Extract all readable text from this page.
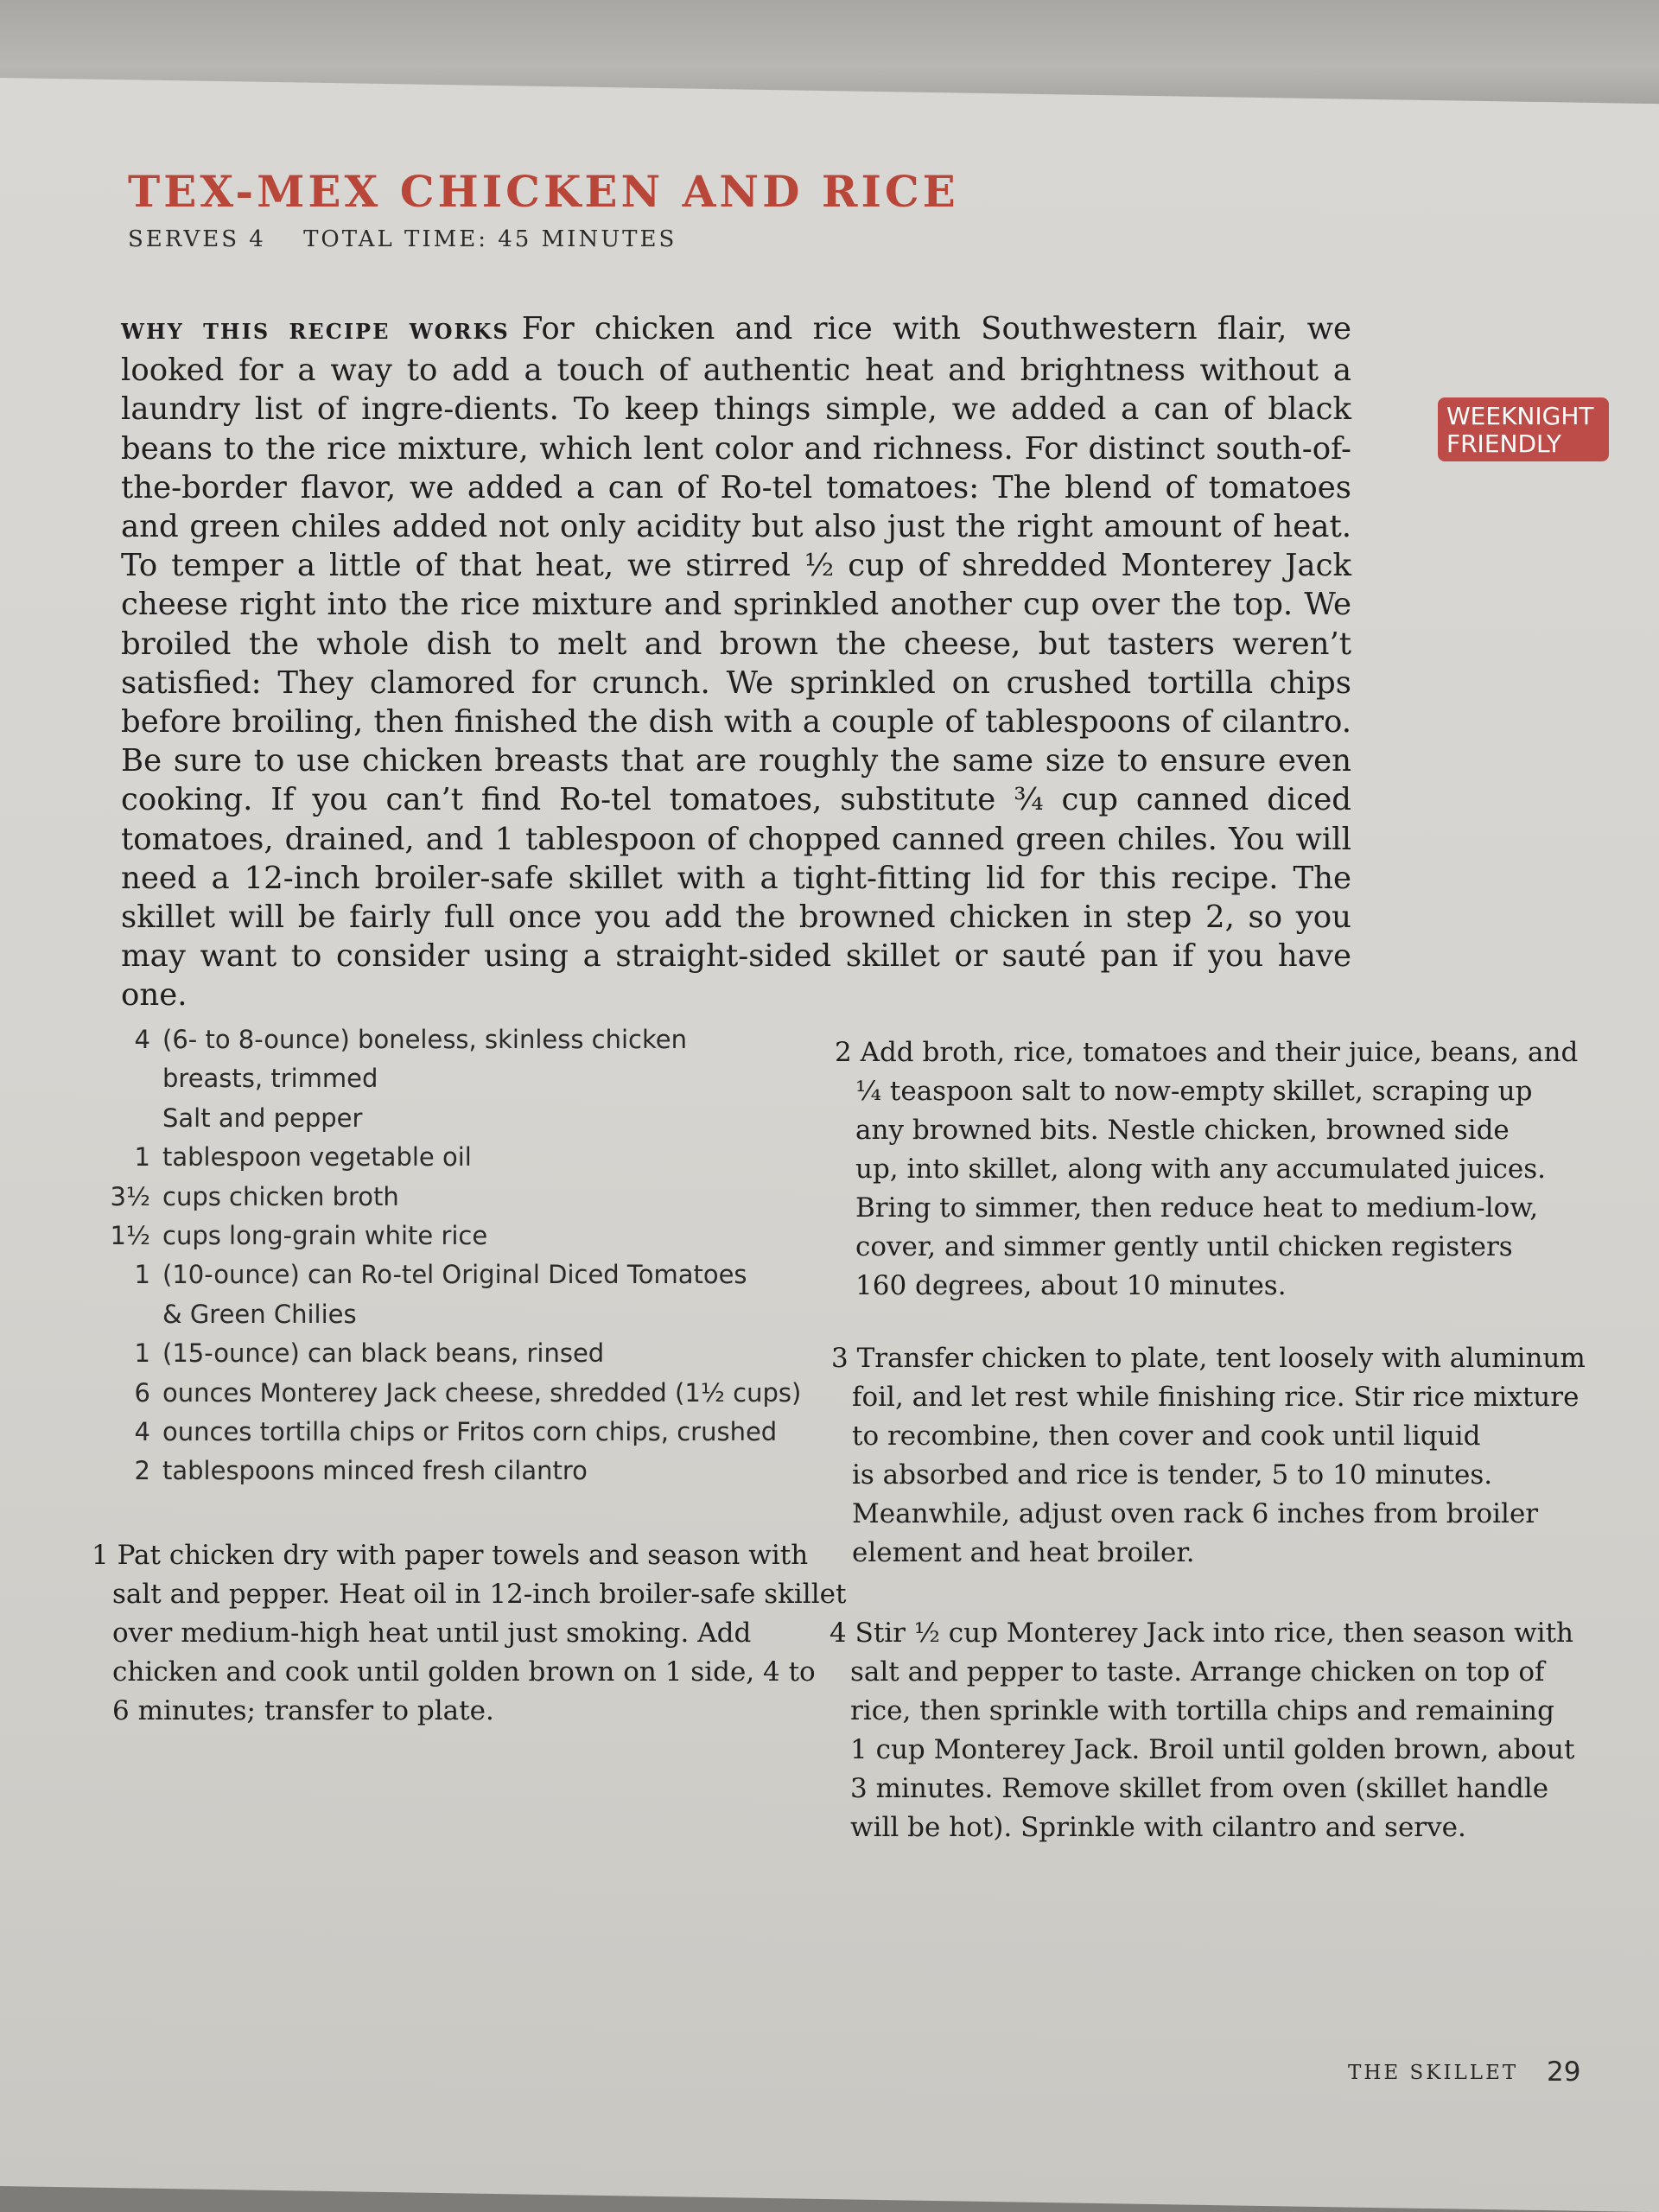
TEX-MEX CHICKEN AND RICE
SERVES 4 TOTAL TIME: 45 MINUTES

WHY THIS RECIPE WORKS For chicken and rice with Southwestern flair, we looked for a way to add a touch of authentic heat and brightness without a laundry list of ingre-dients. To keep things simple, we added a can of black beans to the rice mixture, which lent color and richness. For distinct south-of-the-border flavor, we added a can of Ro-tel tomatoes: The blend of tomatoes and green chiles added not only acidity but also just the right amount of heat. To temper a little of that heat, we stirred ½ cup of shredded Monterey Jack cheese right into the rice mixture and sprinkled another cup over the top. We broiled the whole dish to melt and brown the cheese, but tasters weren’t satisfied: They clamored for crunch. We sprinkled on crushed tortilla chips before broiling, then finished the dish with a couple of tablespoons of cilantro. Be sure to use chicken breasts that are roughly the same size to ensure even cooking. If you can’t find Ro-tel tomatoes, substitute ¾ cup canned diced tomatoes, drained, and 1 tablespoon of chopped canned green chiles. You will need a 12-inch broiler-safe skillet with a tight-fitting lid for this recipe. The skillet will be fairly full once you add the browned chicken in step 2, so you may want to consider using a straight-sided skillet or sauté pan if you have one.

WEEKNIGHT
FRIENDLY
4 (6- to 8-ounce) boneless, skinless chicken
breasts, trimmed
Salt and pepper
1 tablespoon vegetable oil
3½ cups chicken broth
1½ cups long-grain white rice
1 (10-ounce) can Ro-tel Original Diced Tomatoes
& Green Chilies
1 (15-ounce) can black beans, rinsed
6 ounces Monterey Jack cheese, shredded (1½ cups)
4 ounces tortilla chips or Fritos corn chips, crushed
2 tablespoons minced fresh cilantro
1 Pat chicken dry with paper towels and season with
salt and pepper. Heat oil in 12-inch broiler-safe skillet
over medium-high heat until just smoking. Add
chicken and cook until golden brown on 1 side, 4 to
6 minutes; transfer to plate.
2 Add broth, rice, tomatoes and their juice, beans, and
¼ teaspoon salt to now-empty skillet, scraping up
any browned bits. Nestle chicken, browned side
up, into skillet, along with any accumulated juices.
Bring to simmer, then reduce heat to medium-low,
cover, and simmer gently until chicken registers
160 degrees, about 10 minutes.
3 Transfer chicken to plate, tent loosely with aluminum
foil, and let rest while finishing rice. Stir rice mixture
to recombine, then cover and cook until liquid
is absorbed and rice is tender, 5 to 10 minutes.
Meanwhile, adjust oven rack 6 inches from broiler
element and heat broiler.
4 Stir ½ cup Monterey Jack into rice, then season with
salt and pepper to taste. Arrange chicken on top of
rice, then sprinkle with tortilla chips and remaining
1 cup Monterey Jack. Broil until golden brown, about
3 minutes. Remove skillet from oven (skillet handle
will be hot). Sprinkle with cilantro and serve.
THE SKILLET 29
